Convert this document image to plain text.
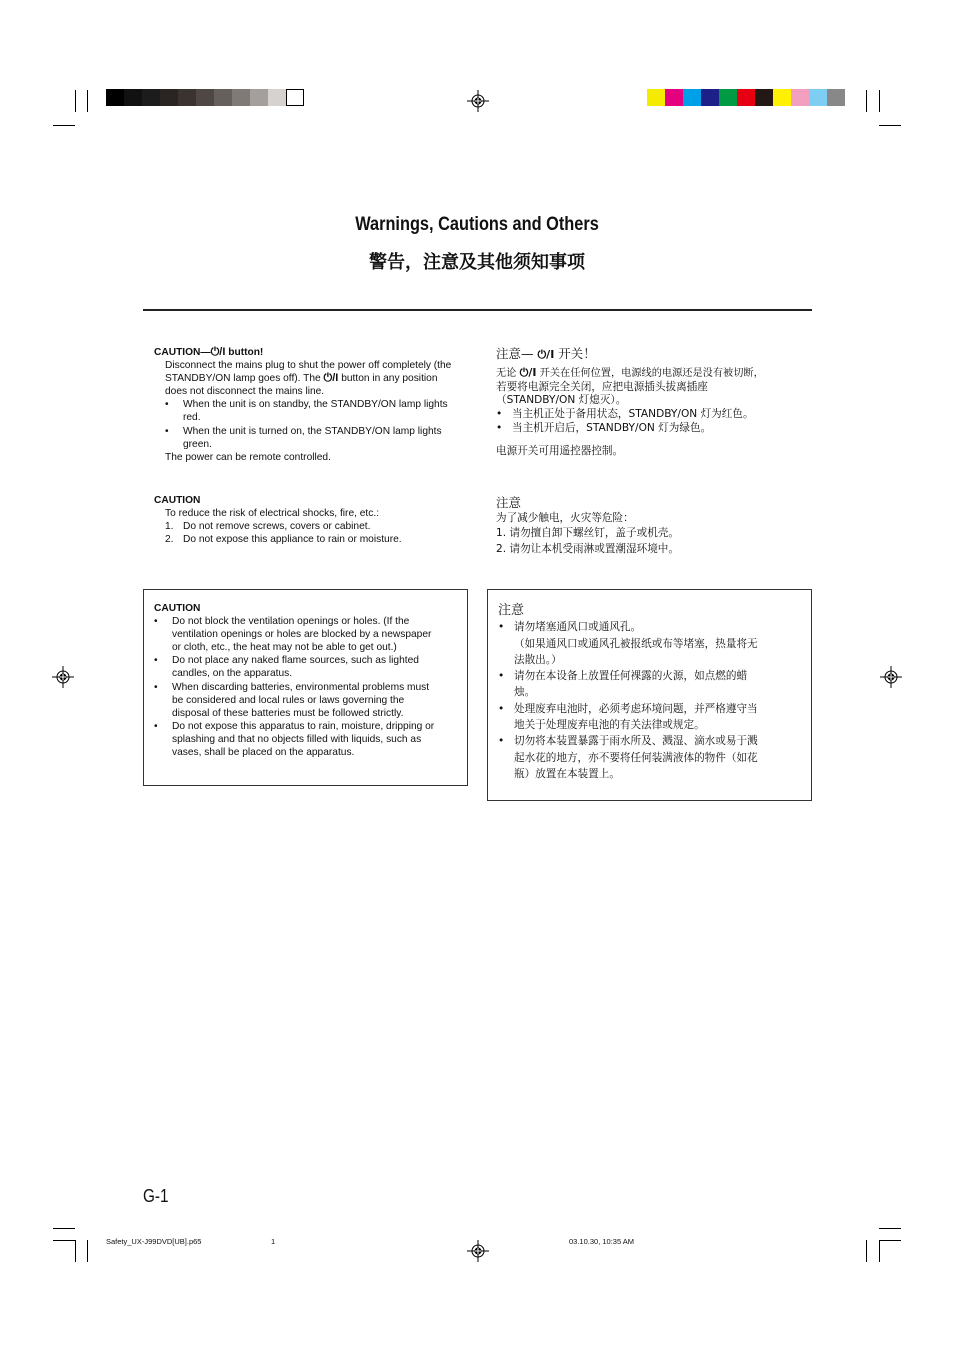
Warnings, Cautions and Others
警告，注意及其他须知事项
CAUTION—⏻/I button!
Disconnect the mains plug to shut the power off completely (the
STANDBY/ON lamp goes off). The ⏻/I button in any position
does not disconnect the mains line.
• When the unit is on standby, the STANDBY/ON lamp lights red.
• When the unit is turned on, the STANDBY/ON lamp lights green.
The power can be remote controlled.
CAUTION
To reduce the risk of electrical shocks, fire, etc.:
1. Do not remove screws, covers or cabinet.
2. Do not expose this appliance to rain or moisture.
CAUTION
• Do not block the ventilation openings or holes. (If the ventilation openings or holes are blocked by a newspaper or cloth, etc., the heat may not be able to get out.)
• Do not place any naked flame sources, such as lighted candles, on the apparatus.
• When discarding batteries, environmental problems must be considered and local rules or laws governing the disposal of these batteries must be followed strictly.
• Do not expose this apparatus to rain, moisture, dripping or splashing and that no objects filled with liquids, such as vases, shall be placed on the apparatus.
注意— ⏻/I 开关！
无论 ⏻/I 开关在任何位置，电源线的电源还是没有被切断，
若要将电源完全关闭，应把电源插头拔离插座
（STANDBY/ON 灯熄灭）。
• 当主机正处于备用状态，STANDBY/ON 灯为红色。
• 当主机开启后，STANDBY/ON 灯为绿色。
电源开关可用遥控器控制。
注意
为了减少触电，火灾等危险：
1. 请勿擅自卸下螺丝钉，盖子或机壳。
2. 请勿让本机受雨淋或置潮湿环境中。
注意
• 请勿堵塞通风口或通风孔。
（如果通风口或通风孔被报纸或布等堵塞，热量将无法散出。）
• 请勿在本设备上放置任何裸露的火源，如点燃的蜡烛。
• 处理废弃电池时，必须考虑环境问题，并严格遵守当地关于处理废弃电池的有关法律或规定。
• 切勿将本装置暴露于雨水所及、溅湿、滴水或易于溅起水花的地方，亦不要将任何装满液体的物件（如花瓶）放置在本装置上。
G-1
Safety_UX-J99DVD[UB].p65	1	03.10.30, 10:35 AM
